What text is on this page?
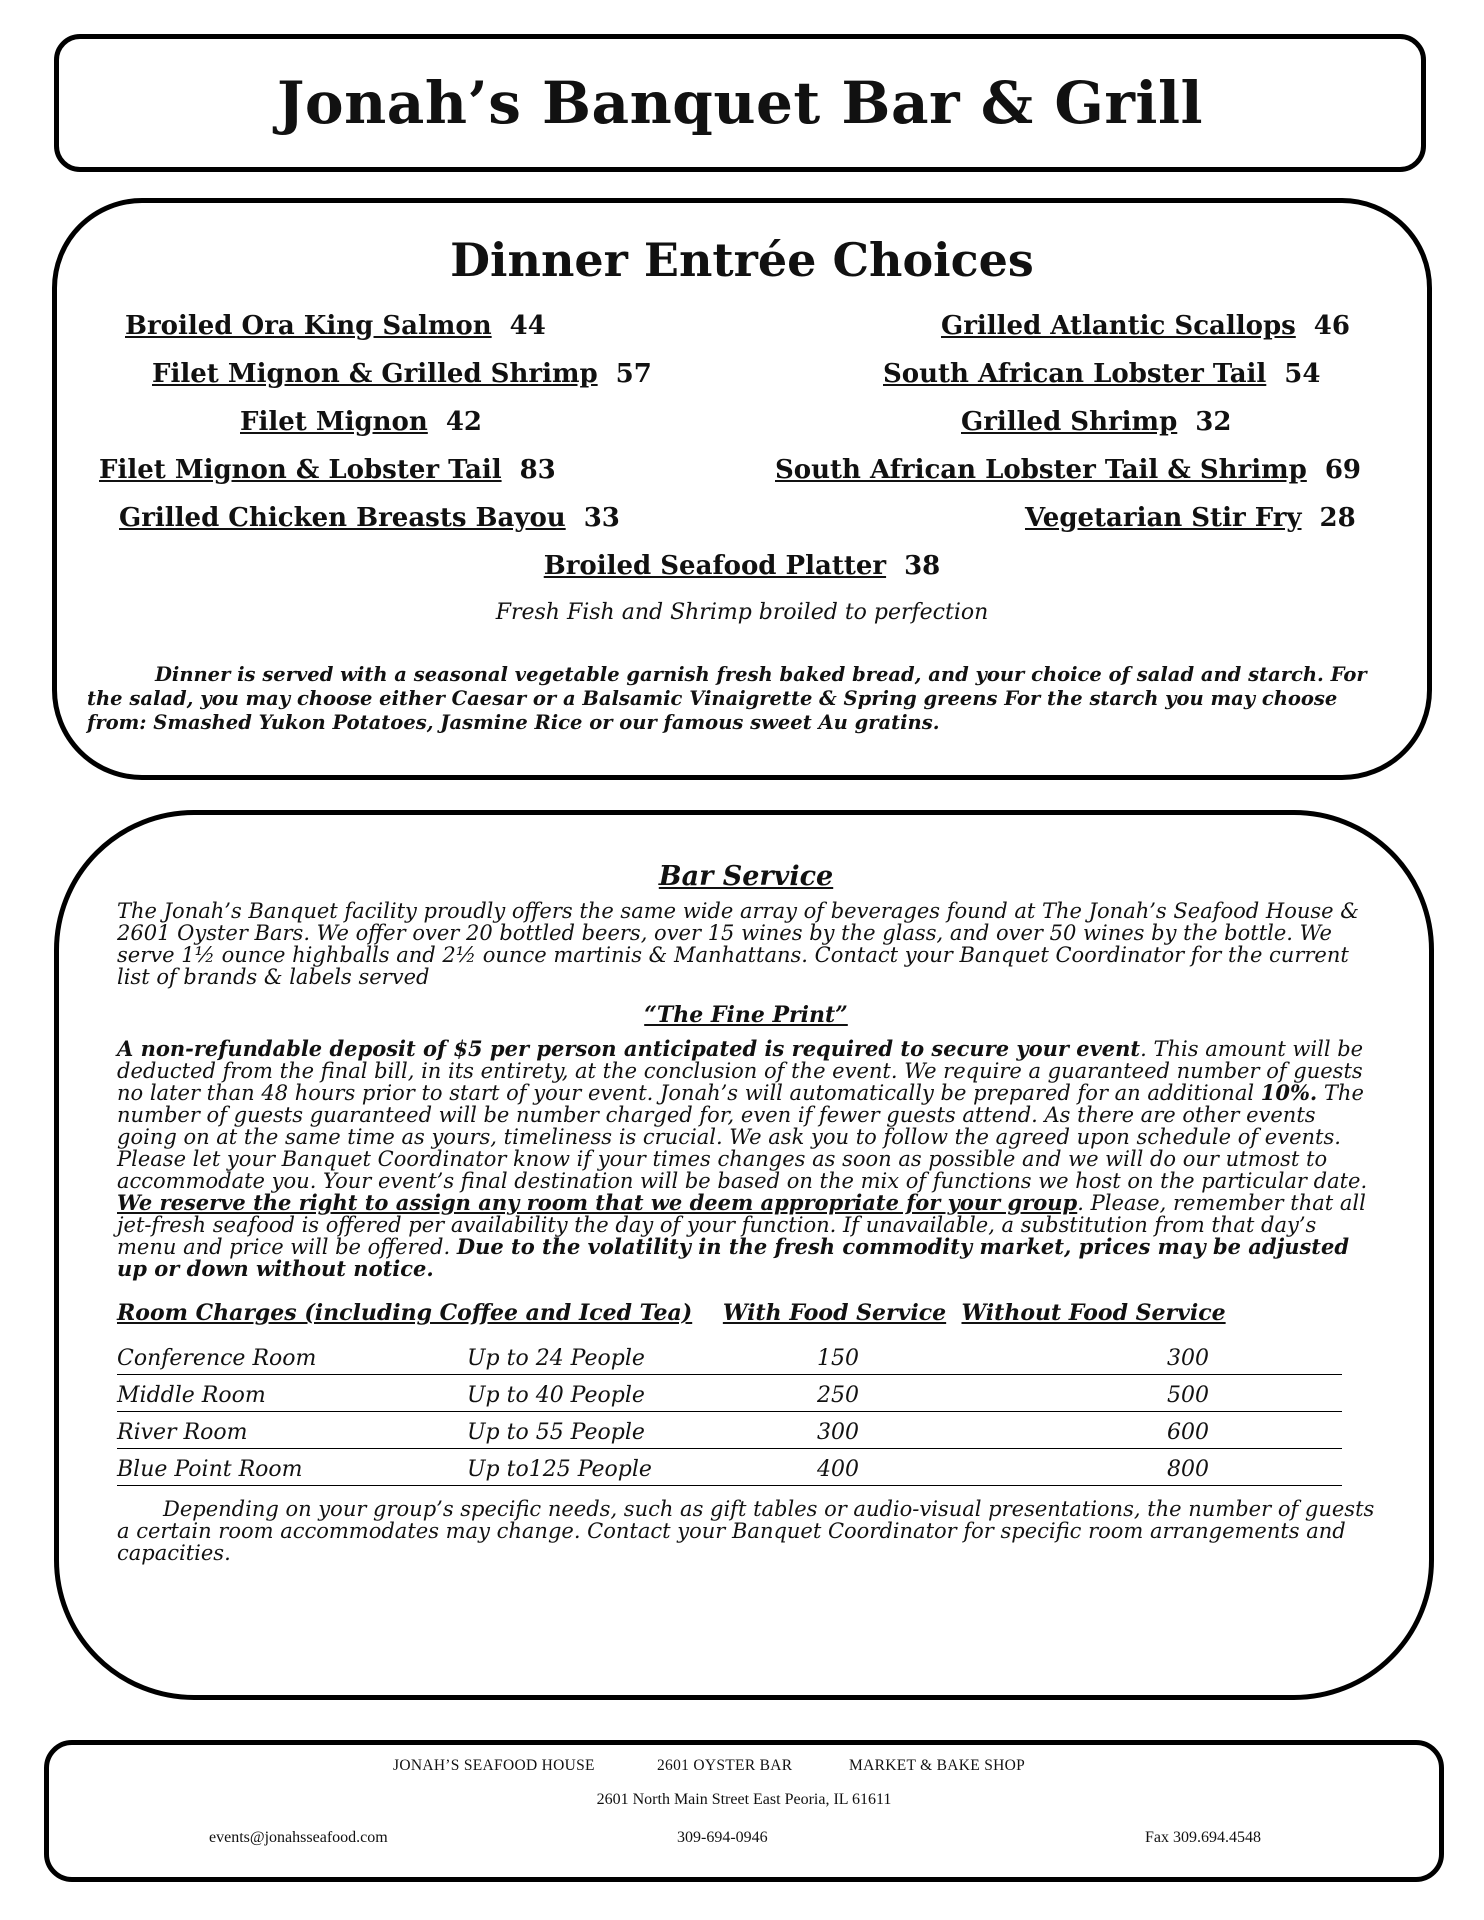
Jonah’s Banquet Bar & Grill
Dinner Entrée Choices
Broiled Ora King Salmon 44	Grilled Atlantic Scallops 46
Filet Mignon & Grilled Shrimp 57	South African Lobster Tail 54
Filet Mignon 42	Grilled Shrimp 32
Filet Mignon & Lobster Tail 83	South African Lobster Tail & Shrimp 69
Grilled Chicken Breasts Bayou 33	Vegetarian Stir Fry 28
Broiled Seafood Platter 38
Fresh Fish and Shrimp broiled to perfection

Dinner is served with a seasonal vegetable garnish fresh baked bread, and your choice of salad and starch. For the salad, you may choose either Caesar or a Balsamic Vinaigrette & Spring greens For the starch you may choose from: Smashed Yukon Potatoes, Jasmine Rice or our famous sweet Au gratins.

Bar Service

The Jonah’s Banquet facility proudly offers the same wide array of beverages found at The Jonah’s Seafood House & 2601 Oyster Bars. We offer over 20 bottled beers, over 15 wines by the glass, and over 50 wines by the bottle. We serve 1½ ounce highballs and 2½ ounce martinis & Manhattans. Contact your Banquet Coordinator for the current list of brands & labels served

“The Fine Print”

A non-refundable deposit of $5 per person anticipated is required to secure your event. This amount will be deducted from the final bill, in its entirety, at the conclusion of the event. We require a guaranteed number of guests no later than 48 hours prior to start of your event. Jonah’s will automatically be prepared for an additional 10%. The number of guests guaranteed will be number charged for, even if fewer guests attend. As there are other events going on at the same time as yours, timeliness is crucial. We ask you to follow the agreed upon schedule of events. Please let your Banquet Coordinator know if your times changes as soon as possible and we will do our utmost to accommodate you. Your event’s final destination will be based on the mix of functions we host on the particular date. We reserve the right to assign any room that we deem appropriate for your group. Please, remember that all jet-fresh seafood is offered per availability the day of your function. If unavailable, a substitution from that day’s menu and price will be offered. Due to the volatility in the fresh commodity market, prices may be adjusted up or down without notice.

Room Charges (including Coffee and Iced Tea) With Food Service Without Food Service
Conference Room	Up to 24 People	150	300
Middle Room	Up to 40 People	250	500
River Room	Up to 55 People	300	600
Blue Point Room	Up to125 People	400	800

Depending on your group’s specific needs, such as gift tables or audio-visual presentations, the number of guests a certain room accommodates may change. Contact your Banquet Coordinator for specific room arrangements and capacities.

JONAH’S SEAFOOD HOUSE	2601 OYSTER BAR	MARKET & BAKE SHOP
2601 North Main Street East Peoria, IL 61611
events@jonahsseafood.com	309-694-0946	Fax 309.694.4548
